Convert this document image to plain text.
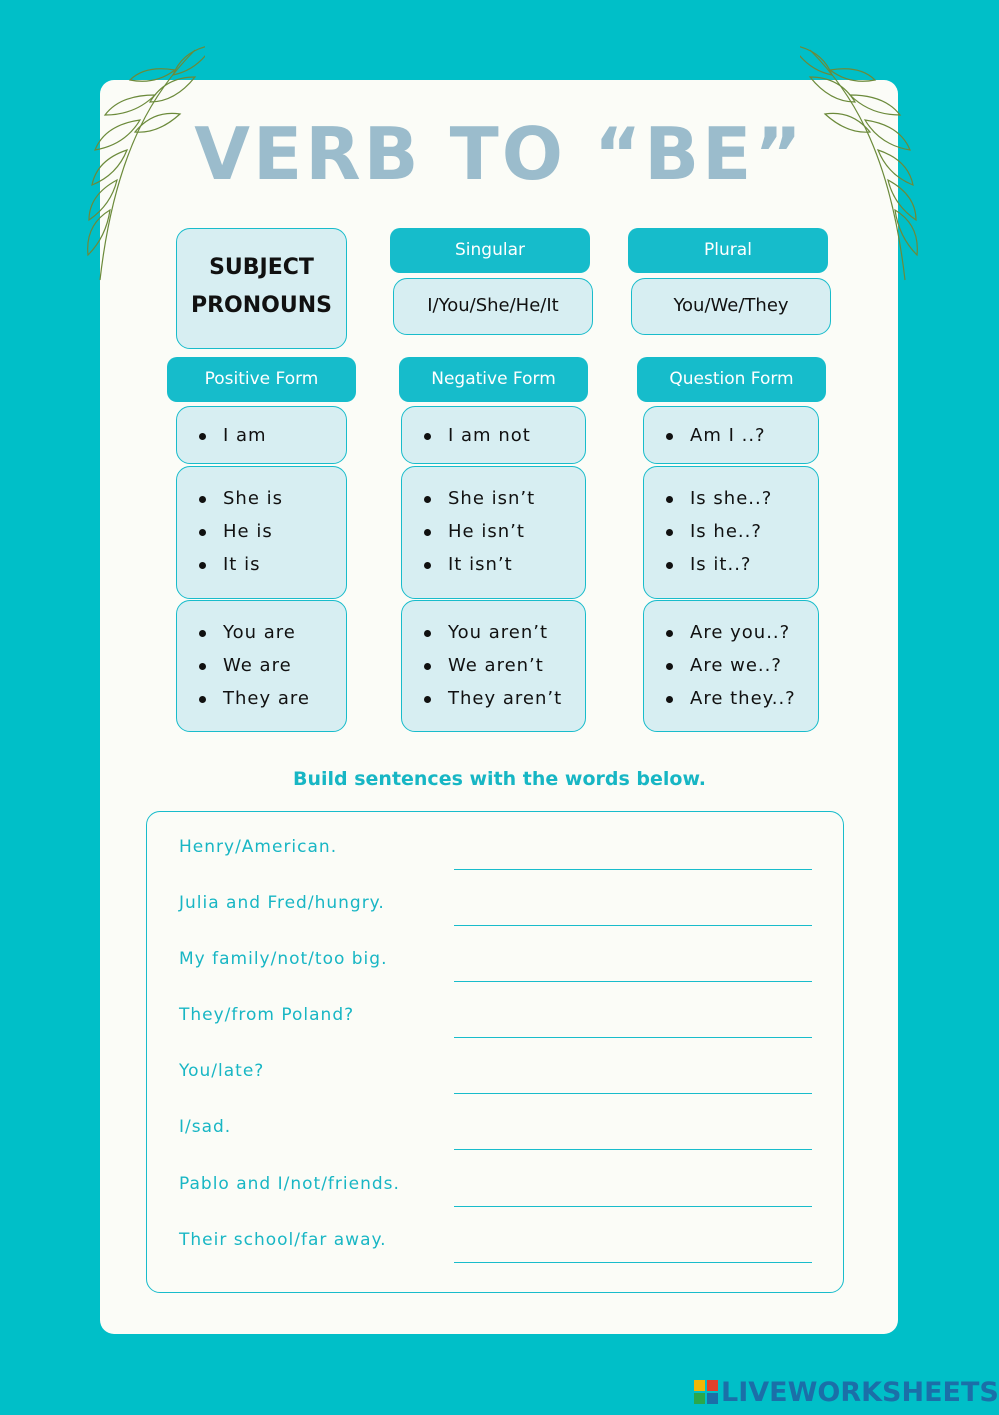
VERB TO “BE”
SUBJECT
PRONOUNS
Singular
I/You/She/He/It
Plural
You/We/They
Positive Form	Negative Form	Question Form
I am
She is
He is
It is
You are
We are
They are
I am not
She isn’t
He isn’t
It isn’t
You aren’t
We aren’t
They aren’t
Am I ..?
Is she..?
Is he..?
Is it..?
Are you..?
Are we..?
Are they..?
Build sentences with the words below.
Henry/American.
Julia and Fred/hungry.
My family/not/too big.
They/from Poland?
You/late?
I/sad.
Pablo and I/not/friends.
Their school/far away.
LIVEWORKSHEETS
